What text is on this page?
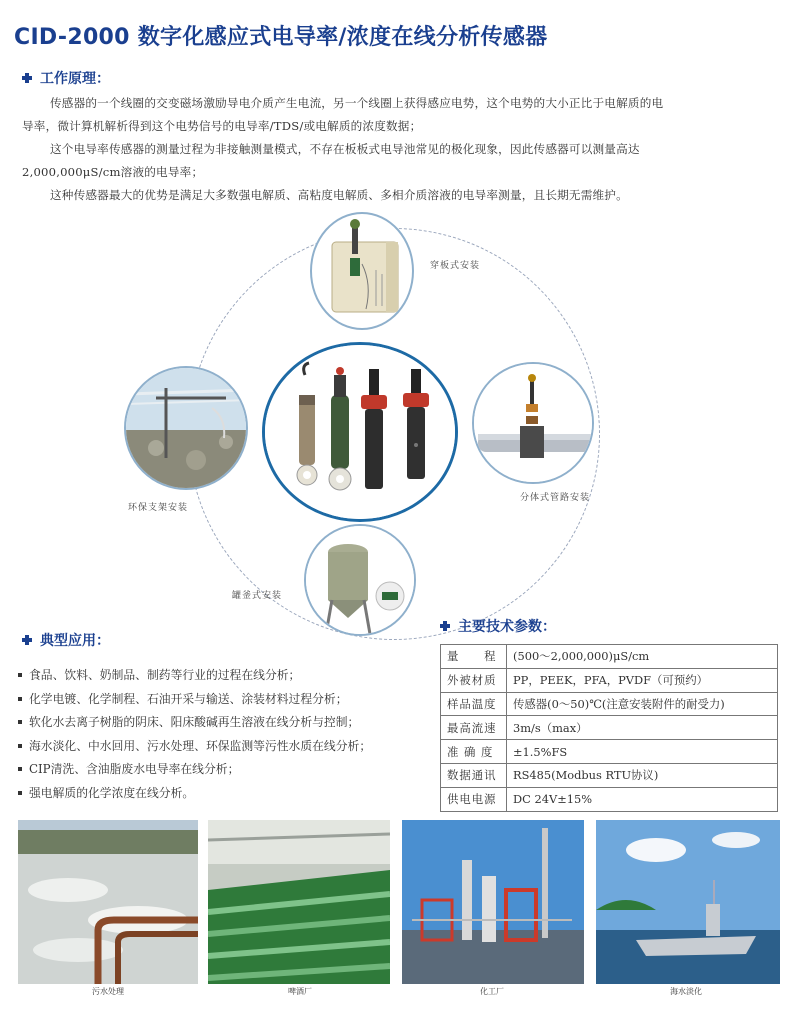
CID-2000 数字化感应式电导率/浓度在线分析传感器
工作原理：
传感器的一个线圈的交变磁场激励导电介质产生电流，另一个线圈上获得感应电势，这个电势的大小正比于电解质的电
导率，微计算机解析得到这个电势信号的电导率/TDS/或电解质的浓度数据；
这个电导率传感器的测量过程为非接触测量模式，不存在板板式电导池常见的极化现象，因此传感器可以测量高达
2,000,000μS/cm溶液的电导率；
这种传感器最大的优势是满足大多数强电解质、高粘度电解质、多相介质溶液的电导率测量，且长期无需维护。
穿板式安装
分体式管路安装
罐釜式安装
环保支架安装
典型应用：
食品、饮料、奶制品、制药等行业的过程在线分析；
化学电镀、化学制程、石油开采与输送、涂装材料过程分析；
软化水去离子树脂的阴床、阳床酸碱再生溶液在线分析与控制；
海水淡化、中水回用、污水处理、环保监测等污性水质在线分析；
CIP清洗、含油脂废水电导率在线分析；
强电解质的化学浓度在线分析。
主要技术参数：
量　　程	(500～2,000,000)μS/cm
外被材质	PP，PEEK，PFA，PVDF（可预约）
样品温度	传感器(0～50)℃(注意安装附件的耐受力)
最高流速	3m/s（max）
准 确 度	±1.5%FS
数据通讯	RS485(Modbus RTU协议)
供电电源	DC 24V±15%
污水处理	啤酒厂	化工厂	海水淡化
